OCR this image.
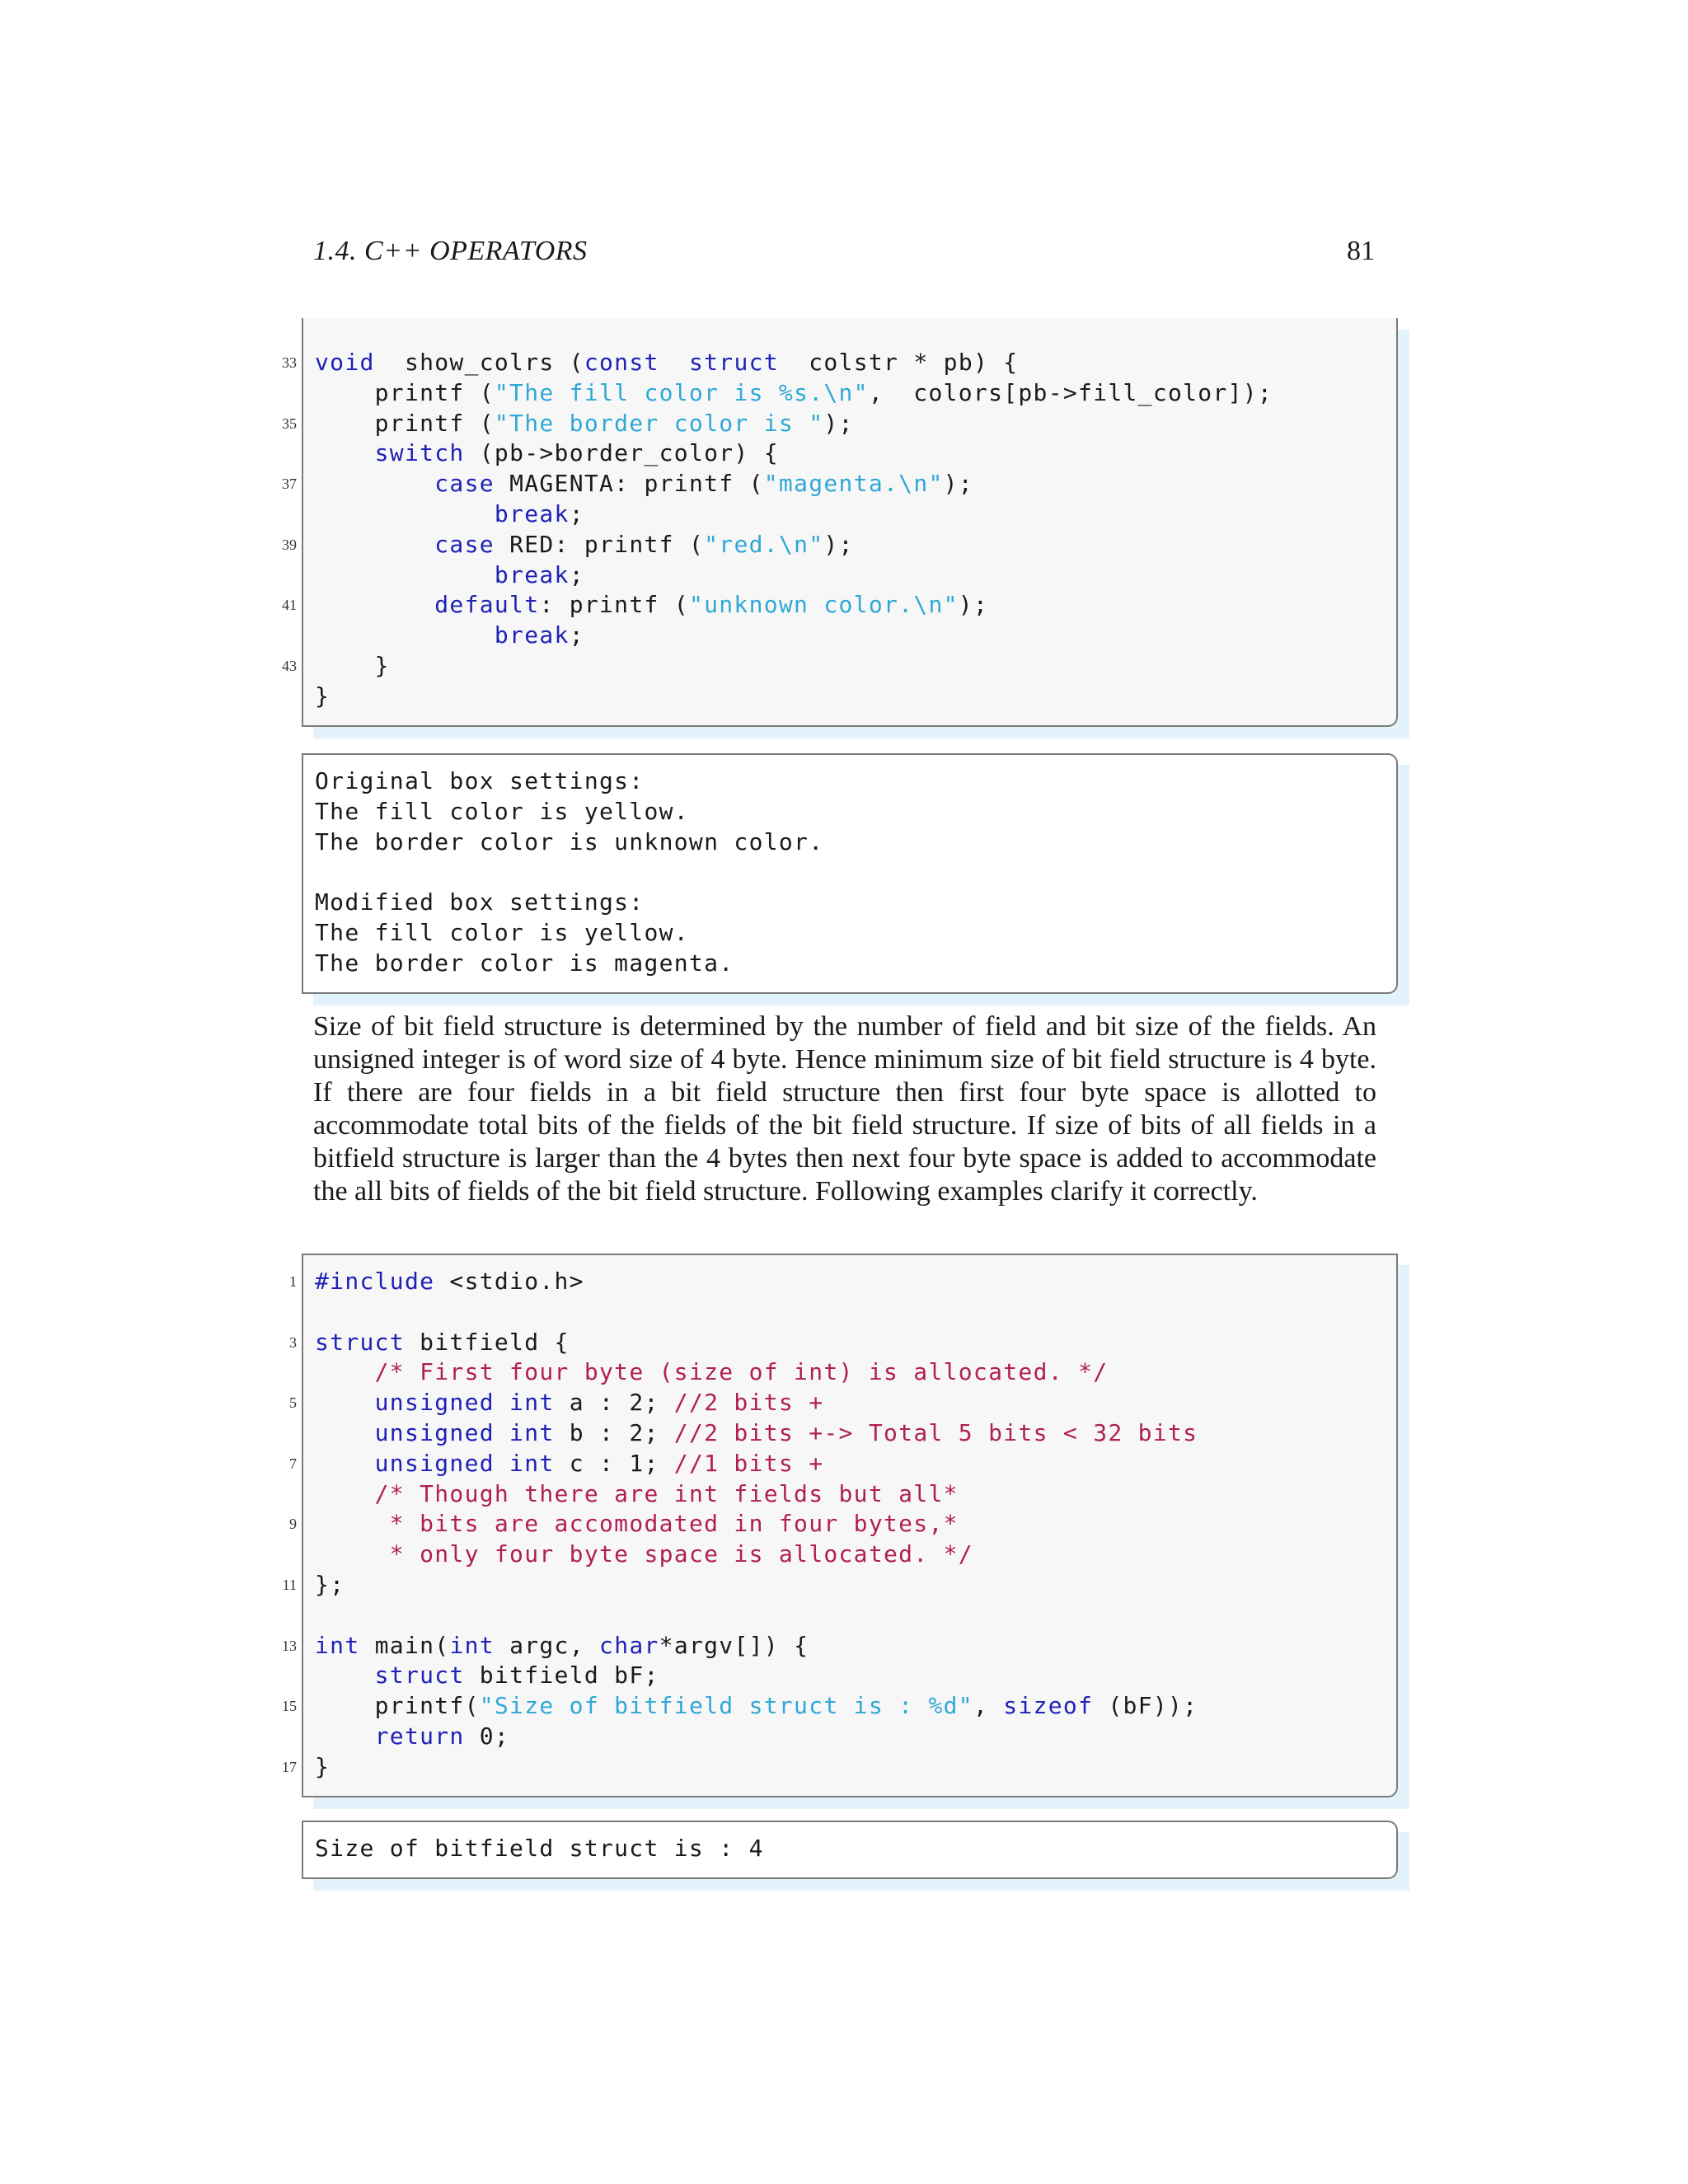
1.4. C++ OPERATORS	81
33 void  show_colrs (const struct  colstr * pb) {
printf ("The fill color is %s.\n",  colors[pb->fill_color]);
35 printf ("The border color is ");
switch (pb->border_color) {
37	case MAGENTA: printf ("magenta.\n");
break;
39	case RED: printf ("red.\n");
break;
41	default: printf ("unknown color.\n");
break;
43 }
}
Original box settings:
The fill color is yellow.
The border color is unknown color.
Modified box settings:
The fill color is yellow.
The border color is magenta.
Size of bit field structure is determined by the number of field and bit size of the fields. An unsigned integer is of word size of 4 byte. Hence minimum size of bit field structure is 4 byte. If there are four fields in a bit field structure then first four byte space is allotted to accommodate total bits of the fields of the bit field structure. If size of bits of all fields in a bitfield structure is larger than the 4 bytes then next four byte space is added to accommodate the all bits of fields of the bit field structure. Following examples clarify it correctly.
1 #include <stdio.h>
3 struct bitfield {
/* First four byte (size of int) is allocated. */
5	unsigned int a : 2; //2 bits +
unsigned int b : 2; //2 bits +-> Total 5 bits < 32 bits
7	unsigned int c : 1; //1 bits +
/* Though there are int fields but all*
9	* bits are accomodated in four bytes,*
* only four byte space is allocated. */
11 };
13 int main(int argc, char*argv[]) {
struct bitfield bF;
15 printf("Size of bitfield struct is : %d", sizeof (bF));
return 0;
17 }
Size of bitfield struct is : 4
